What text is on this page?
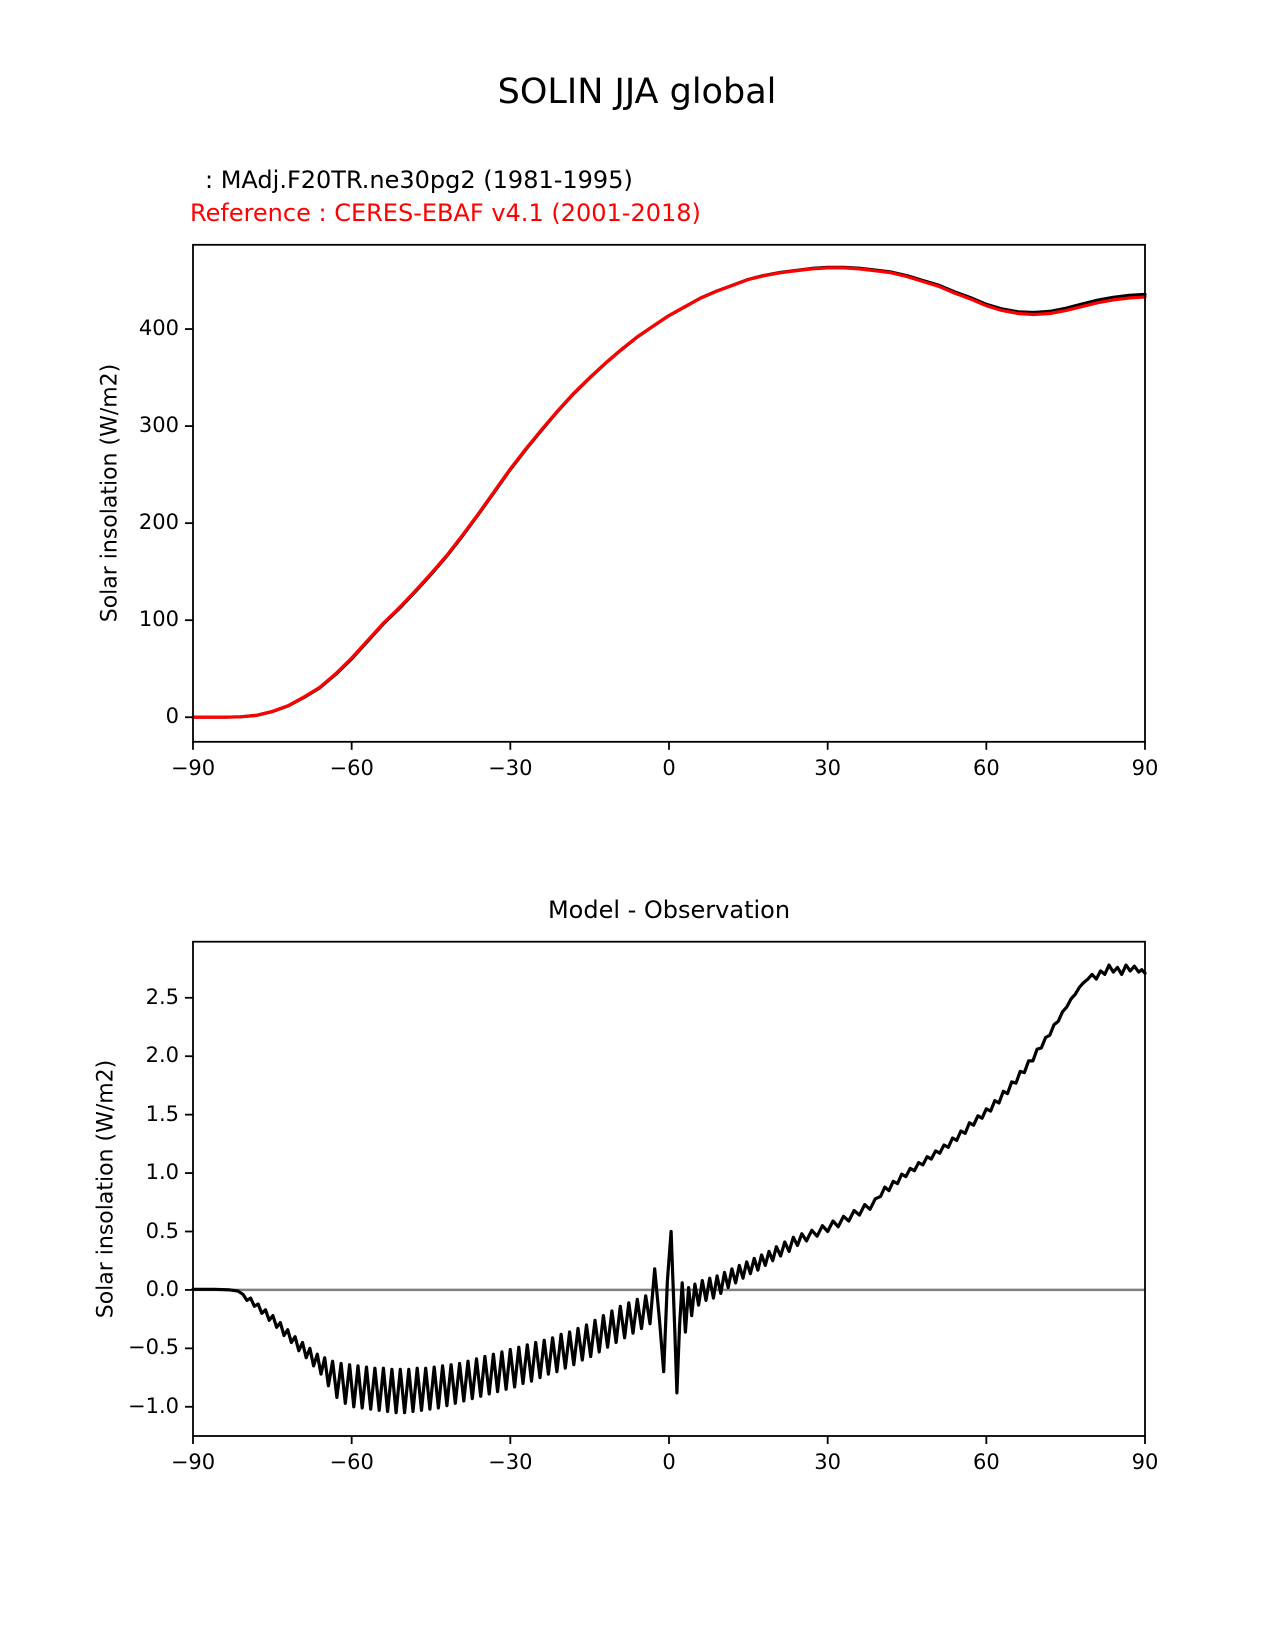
SOLIN JJA global
: MAdj.F20TR.ne30pg2 (1981-1995)
Reference : CERES-EBAF v4.1 (2001-2018)
Solar insolation (W/m2)
Model - Observation
Solar insolation (W/m2)
−90	−60	−30	0	30	60	90
0
100
200
300
400
−90	−60	−30	0	30	60	90
−1.0
−0.5
0.0
0.5
1.0
1.5
2.0
2.5
